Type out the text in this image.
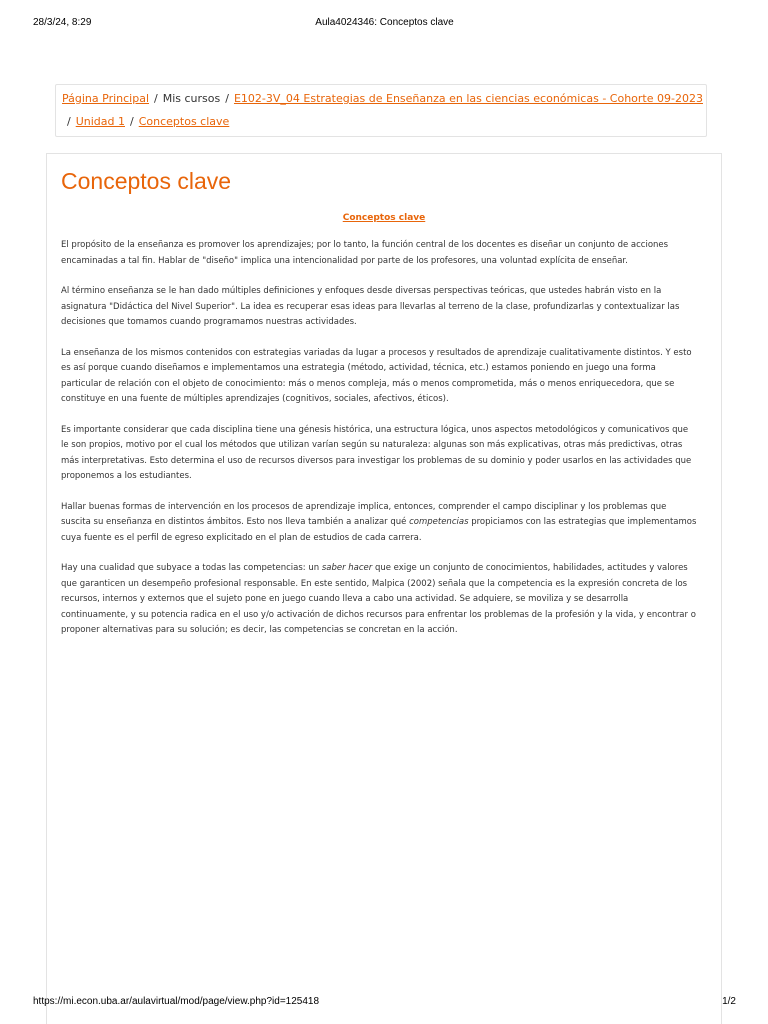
28/3/24, 8:29	Aula4024346: Conceptos clave
Página Principal / Mis cursos / E102-3V_04 Estrategias de Enseñanza en las ciencias económicas - Cohorte 09-2023
/ Unidad 1 / Conceptos clave
Conceptos clave
Conceptos clave

El propósito de la enseñanza es promover los aprendizajes; por lo tanto, la función central de los docentes es diseñar un conjunto de acciones encaminadas a tal fin. Hablar de "diseño" implica una intencionalidad por parte de los profesores, una voluntad explícita de enseñar.

Al término enseñanza se le han dado múltiples definiciones y enfoques desde diversas perspectivas teóricas, que ustedes habrán visto en la asignatura "Didáctica del Nivel Superior". La idea es recuperar esas ideas para llevarlas al terreno de la clase, profundizarlas y contextualizar las decisiones que tomamos cuando programamos nuestras actividades.

La enseñanza de los mismos contenidos con estrategias variadas da lugar a procesos y resultados de aprendizaje cualitativamente distintos. Y esto es así porque cuando diseñamos e implementamos una estrategia (método, actividad, técnica, etc.) estamos poniendo en juego una forma particular de relación con el objeto de conocimiento: más o menos compleja, más o menos comprometida, más o menos enriquecedora, que se constituye en una fuente de múltiples aprendizajes (cognitivos, sociales, afectivos, éticos).

Es importante considerar que cada disciplina tiene una génesis histórica, una estructura lógica, unos aspectos metodológicos y comunicativos que le son propios, motivo por el cual los métodos que utilizan varían según su naturaleza: algunas son más explicativas, otras más predictivas, otras más interpretativas. Esto determina el uso de recursos diversos para investigar los problemas de su dominio y poder usarlos en las actividades que proponemos a los estudiantes.

Hallar buenas formas de intervención en los procesos de aprendizaje implica, entonces, comprender el campo disciplinar y los problemas que suscita su enseñanza en distintos ámbitos. Esto nos lleva también a analizar qué competencias propiciamos con las estrategias que implementamos cuya fuente es el perfil de egreso explicitado en el plan de estudios de cada carrera.

Hay una cualidad que subyace a todas las competencias: un saber hacer que exige un conjunto de conocimientos, habilidades, actitudes y valores que garanticen un desempeño profesional responsable. En este sentido, Malpica (2002) señala que la competencia es la expresión concreta de los recursos, internos y externos que el sujeto pone en juego cuando lleva a cabo una actividad. Se adquiere, se moviliza y se desarrolla continuamente, y su potencia radica en el uso y/o activación de dichos recursos para enfrentar los problemas de la profesión y la vida, y encontrar o proponer alternativas para su solución; es decir, las competencias se concretan en la acción.

https://mi.econ.uba.ar/aulavirtual/mod/page/view.php?id=125418	1/2
